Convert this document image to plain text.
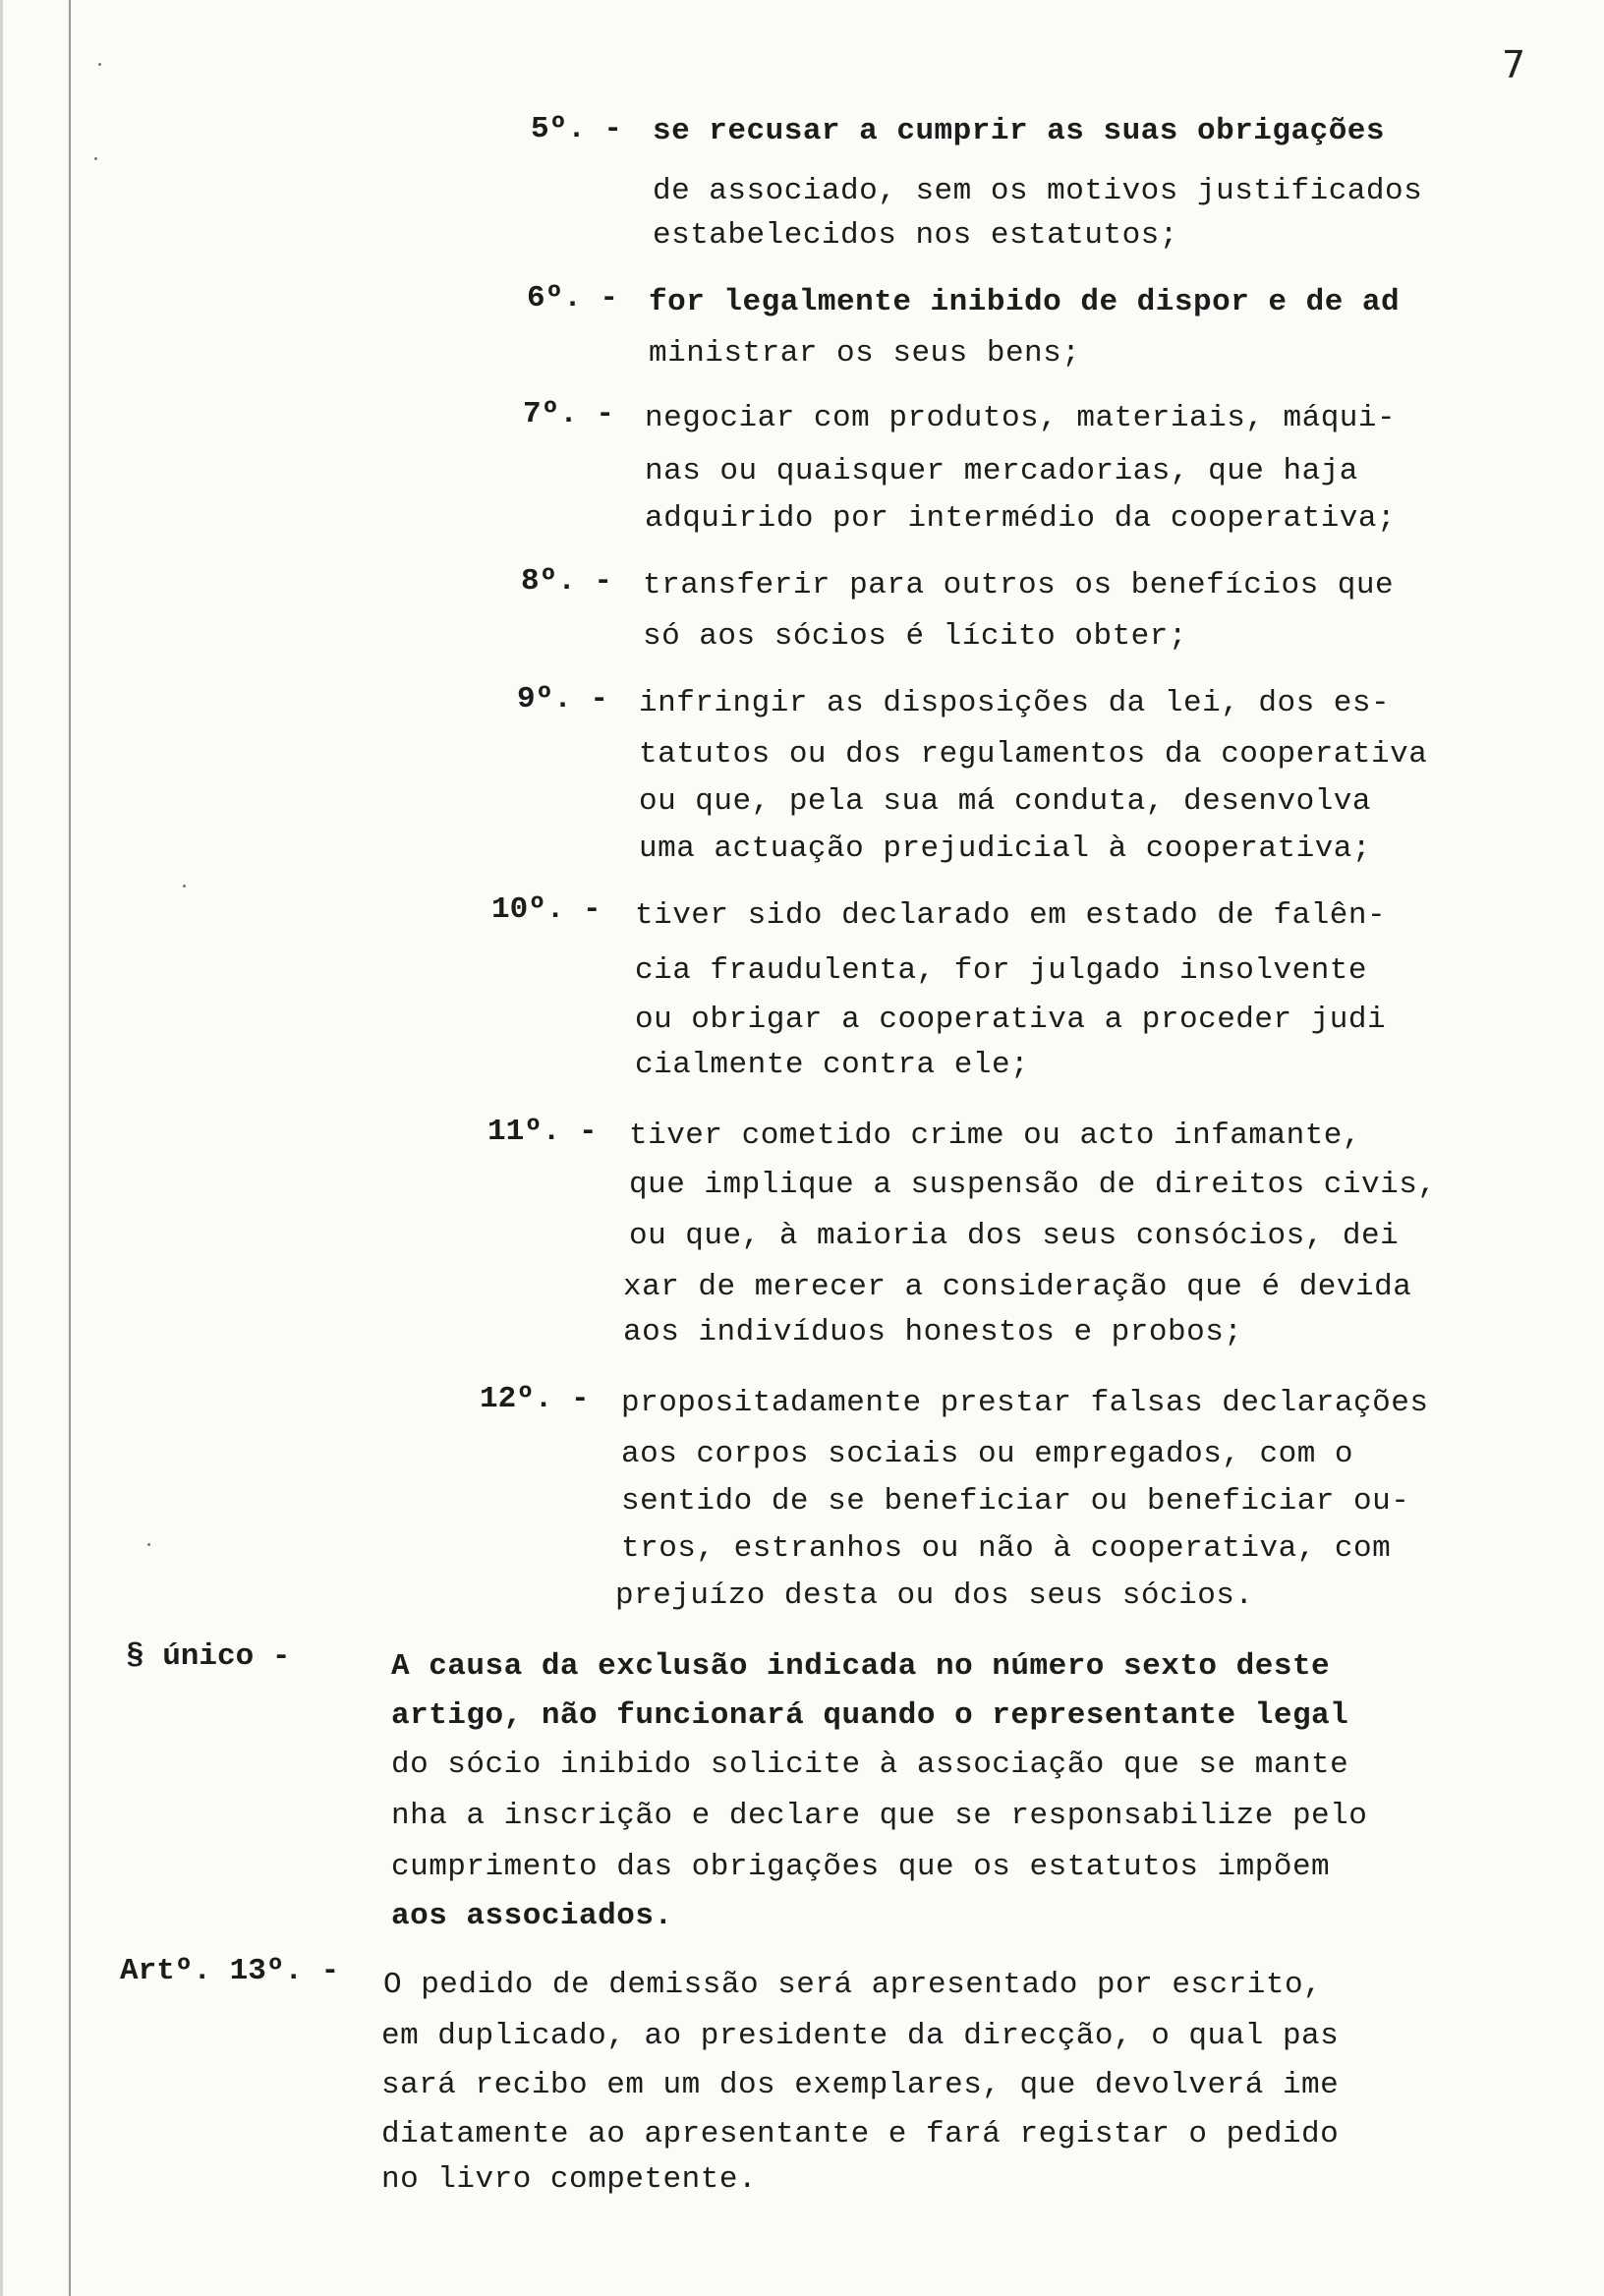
7
5º. - se recusar a cumprir as suas obrigações
de associado, sem os motivos justificados
estabelecidos nos estatutos;
6º. - for legalmente inibido de dispor e de ad
ministrar os seus bens;
7º. - negociar com produtos, materiais, máqui-
nas ou quaisquer mercadorias, que haja
adquirido por intermédio da cooperativa;
8º. - transferir para outros os benefícios que
só aos sócios é lícito obter;
9º. - infringir as disposições da lei, dos es-
tatutos ou dos regulamentos da cooperativa
ou que, pela sua má conduta, desenvolva
uma actuação prejudicial à cooperativa;
10º. - tiver sido declarado em estado de falên-
cia fraudulenta, for julgado insolvente
ou obrigar a cooperativa a proceder judi
cialmente contra ele;
11º. - tiver cometido crime ou acto infamante,
que implique a suspensão de direitos civis,
ou que, à maioria dos seus consócios, dei
xar de merecer a consideração que é devida
aos indivíduos honestos e probos;
12º. - propositadamente prestar falsas declarações
aos corpos sociais ou empregados, com o
sentido de se beneficiar ou beneficiar ou-
tros, estranhos ou não à cooperativa, com
prejuízo desta ou dos seus sócios.
§ único -	A causa da exclusão indicada no número sexto deste
artigo, não funcionará quando o representante legal
do sócio inibido solicite à associação que se mante
nha a inscrição e declare que se responsabilize pelo
cumprimento das obrigações que os estatutos impõem
aos associados.
Artº. 13º. - O pedido de demissão será apresentado por escrito,
em duplicado, ao presidente da direcção, o qual pas
sará recibo em um dos exemplares, que devolverá ime
diatamente ao apresentante e fará registar o pedido
no livro competente.
